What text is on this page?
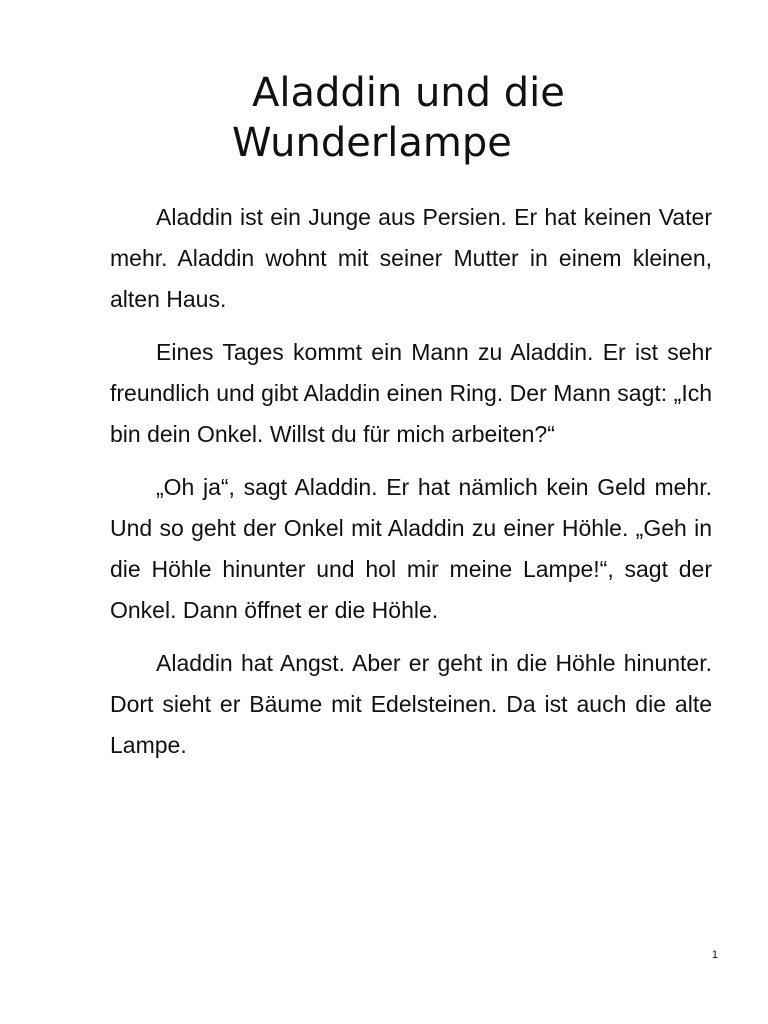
Aladdin und die Wunderlampe

Aladdin ist ein Junge aus Persien. Er hat keinen Vater mehr. Aladdin wohnt mit seiner Mutter in einem kleinen, alten Haus.

Eines Tages kommt ein Mann zu Aladdin. Er ist sehr freundlich und gibt Aladdin einen Ring. Der Mann sagt: „Ich bin dein Onkel. Willst du für mich arbeiten?“

„Oh ja“, sagt Aladdin. Er hat nämlich kein Geld mehr. Und so geht der Onkel mit Aladdin zu einer Höhle. „Geh in die Höhle hinunter und hol mir meine Lampe!“, sagt der Onkel. Dann öffnet er die Höhle.

Aladdin hat Angst. Aber er geht in die Höhle hinunter. Dort sieht er Bäume mit Edelsteinen. Da ist auch die alte Lampe.

1
